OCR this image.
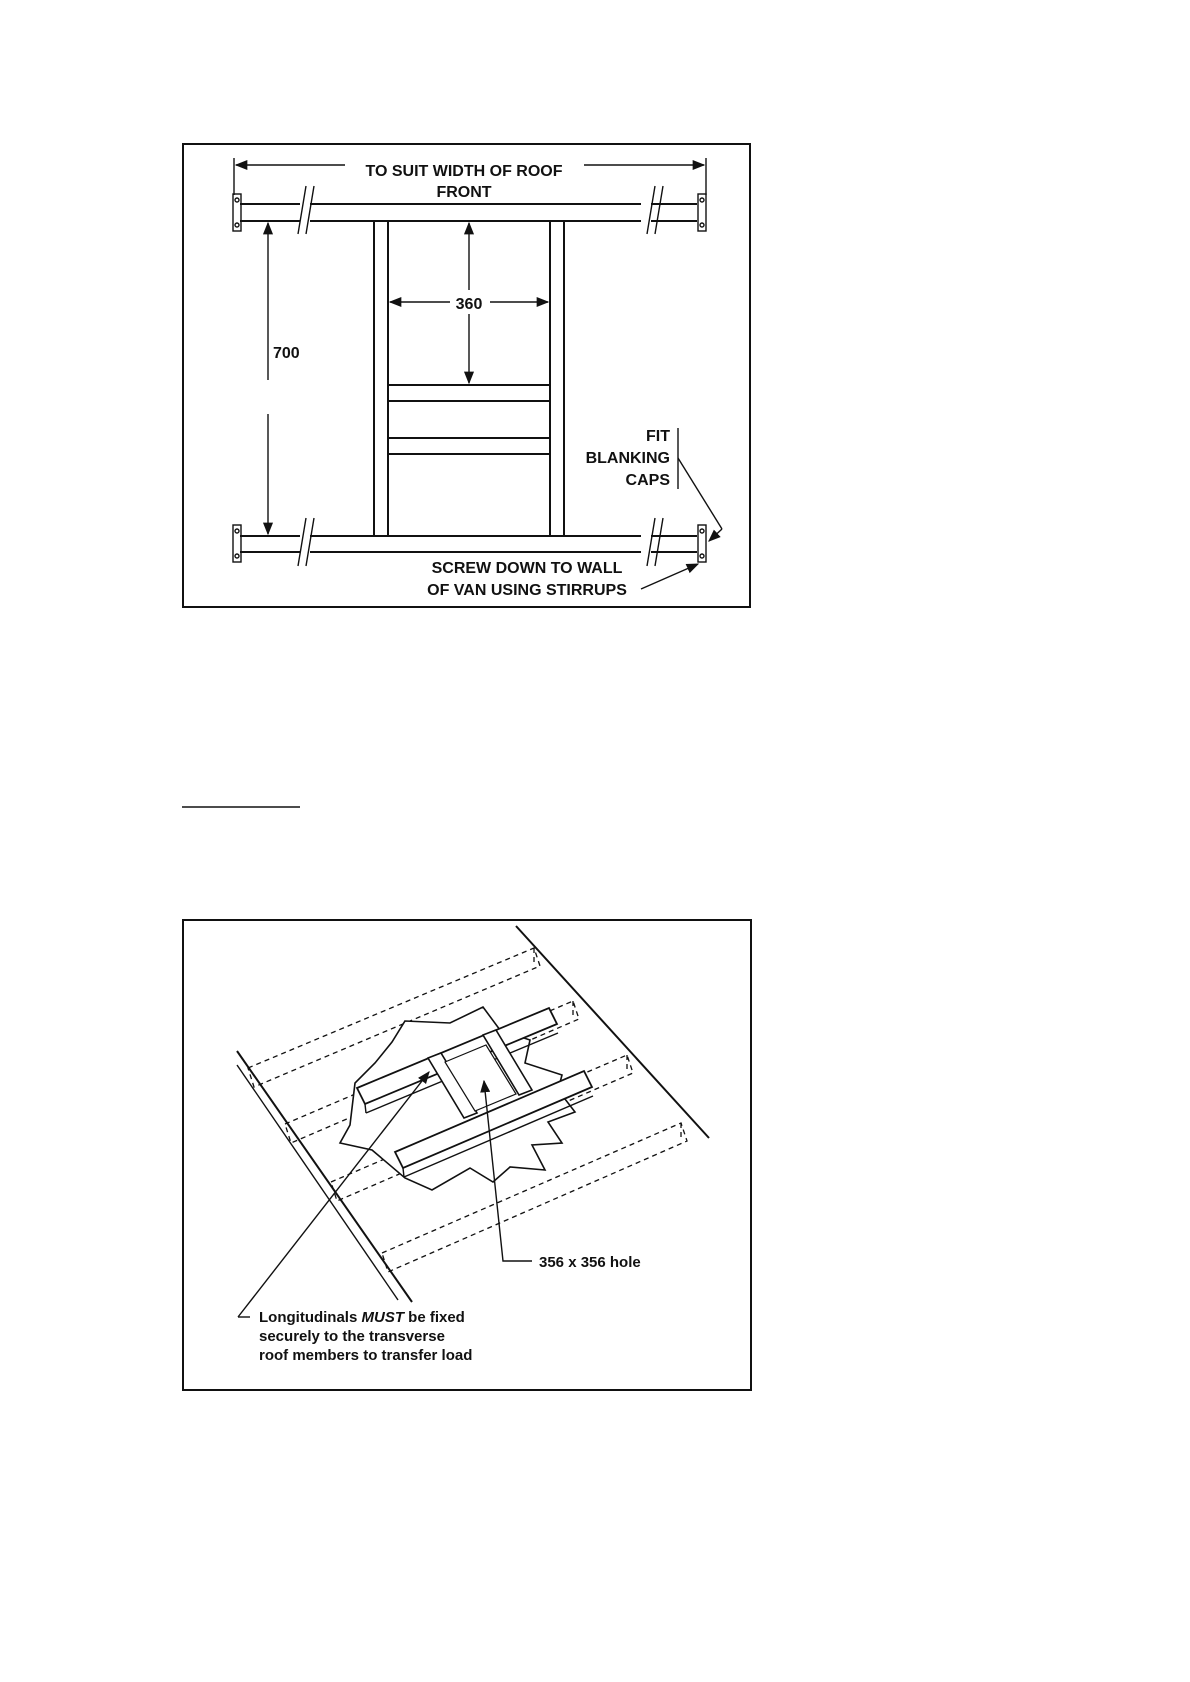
TO SUIT WIDTH OF ROOF
FRONT
700
360
FIT
BLANKING
CAPS
SCREW DOWN TO WALL
OF VAN USING STIRRUPS
356 x 356 hole
Longitudinals MUST be fixed
securely to the transverse
roof members to transfer load
